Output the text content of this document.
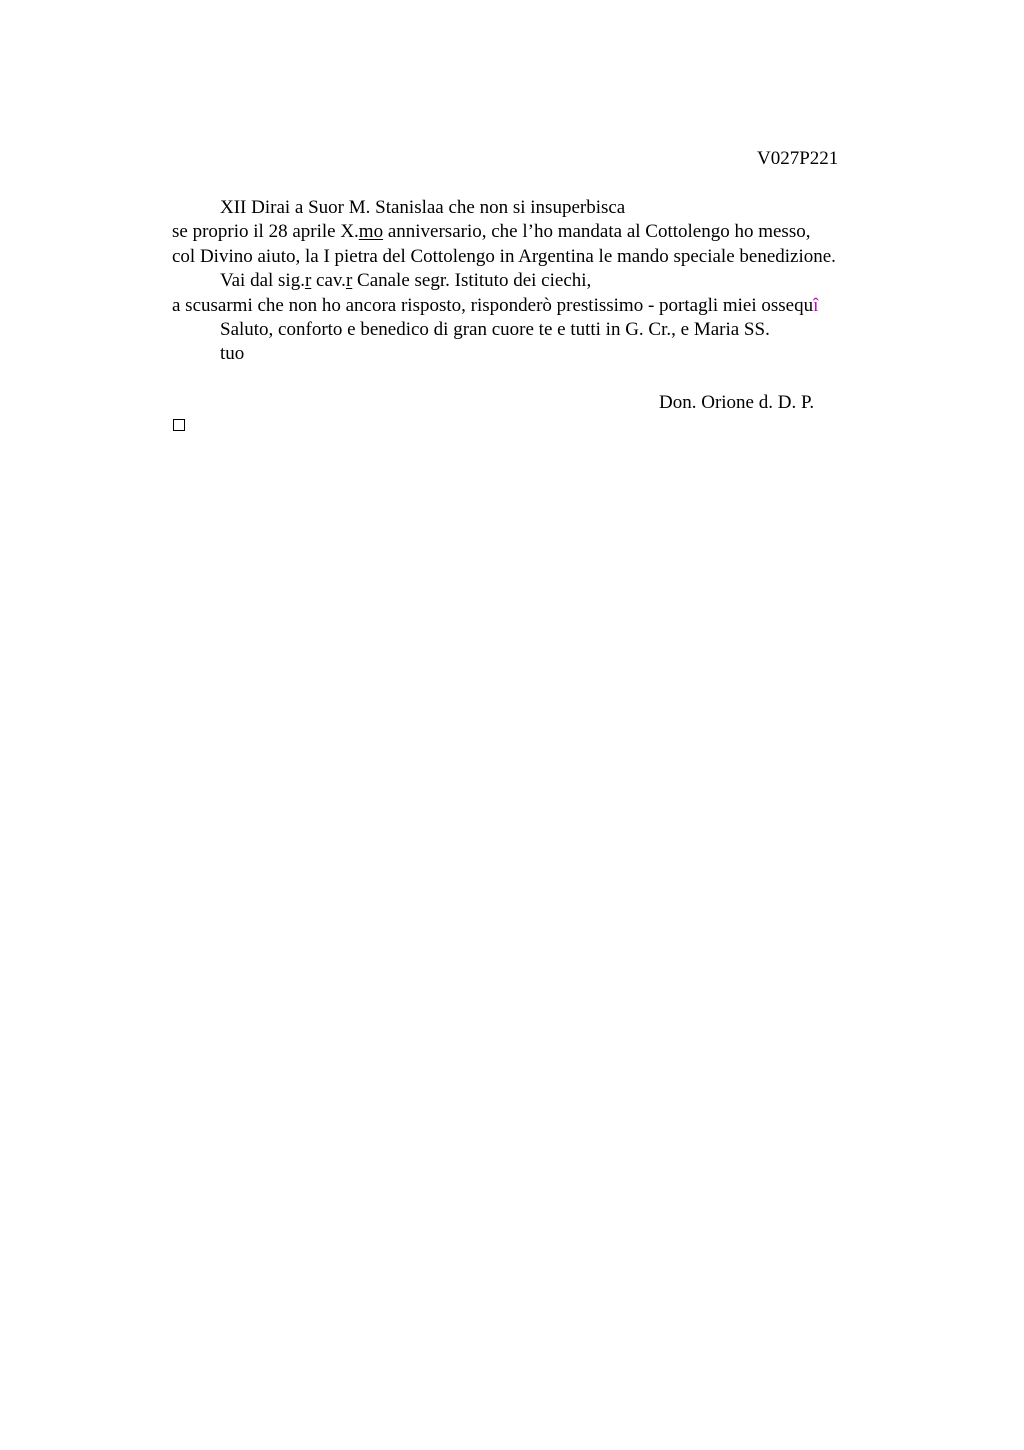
V027P221
XII Dirai a Suor M. Stanislaa che non si insuperbisca
se proprio il 28 aprile X.mo anniversario, che l’ho mandata al Cottolengo ho messo,
col Divino aiuto, la I pietra del Cottolengo in Argentina le mando speciale benedizione.
Vai dal sig.r cav.r Canale segr. Istituto dei ciechi,
a scusarmi che non ho ancora risposto, risponderò prestissimo - portagli miei ossequî
Saluto, conforto e benedico di gran cuore te e tutti in G. Cr., e Maria SS.
tuo
Don. Orione d. D. P.
